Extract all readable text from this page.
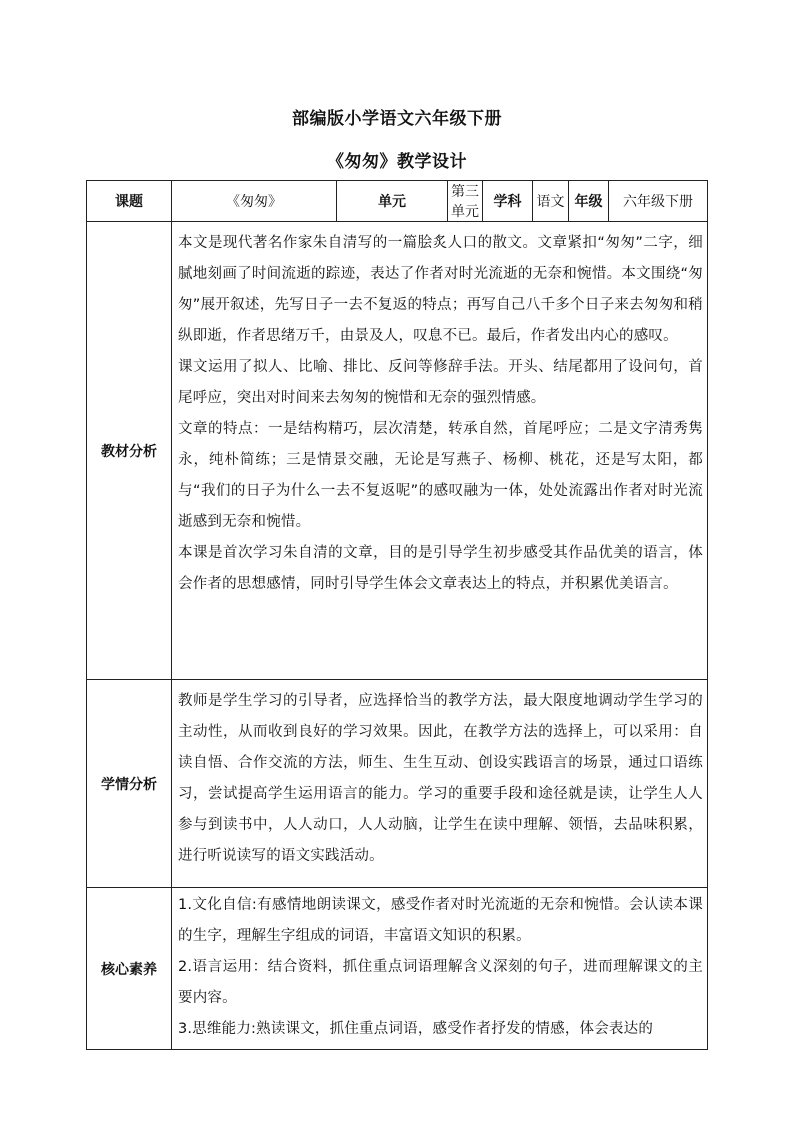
部编版小学语文六年级下册
《匆匆》教学设计
课题	《匆匆》	单元	第三单元	学科	语文	年级	六年级下册
教材分析	本文是现代著名作家朱自清写的一篇脍炙人口的散文。文章紧扣“匆匆”二字，细腻地刻画了时间流逝的踪迹，表达了作者对时光流逝的无奈和惋惜。本文围绕“匆匆”展开叙述，先写日子一去不复返的特点；再写自己八千多个日子来去匆匆和稍纵即逝，作者思绪万千，由景及人，叹息不已。最后，作者发出内心的感叹。

课文运用了拟人、比喻、排比、反问等修辞手法。开头、结尾都用了设问句，首尾呼应，突出对时间来去匆匆的惋惜和无奈的强烈情感。

文章的特点：一是结构精巧，层次清楚，转承自然，首尾呼应；二是文字清秀隽永，纯朴简练；三是情景交融，无论是写燕子、杨柳、桃花，还是写太阳，都与“我们的日子为什么一去不复返呢”的感叹融为一体，处处流露出作者对时光流逝感到无奈和惋惜。

本课是首次学习朱自清的文章，目的是引导学生初步感受其作品优美的语言，体会作者的思想感情，同时引导学生体会文章表达上的特点，并积累优美语言。						

学情分析	教师是学生学习的引导者，应选择恰当的教学方法，最大限度地调动学生学习的主动性，从而收到良好的学习效果。因此，在教学方法的选择上，可以采用：自读自悟、合作交流的方法，师生、生生互动、创设实践语言的场景，通过口语练习，尝试提高学生运用语言的能力。学习的重要手段和途径就是读，让学生人人参与到读书中，人人动口，人人动脑，让学生在读中理解、领悟，去品味积累，进行听说读写的语文实践活动。						

核心素养	1.文化自信:有感情地朗读课文，感受作者对时光流逝的无奈和惋惜。会认读本课的生字，理解生字组成的词语，丰富语文知识的积累。

2.语言运用：结合资料，抓住重点词语理解含义深刻的句子，进而理解课文的主要内容。

3.思维能力:熟读课文，抓住重点词语，感受作者抒发的情感，体会表达的						
